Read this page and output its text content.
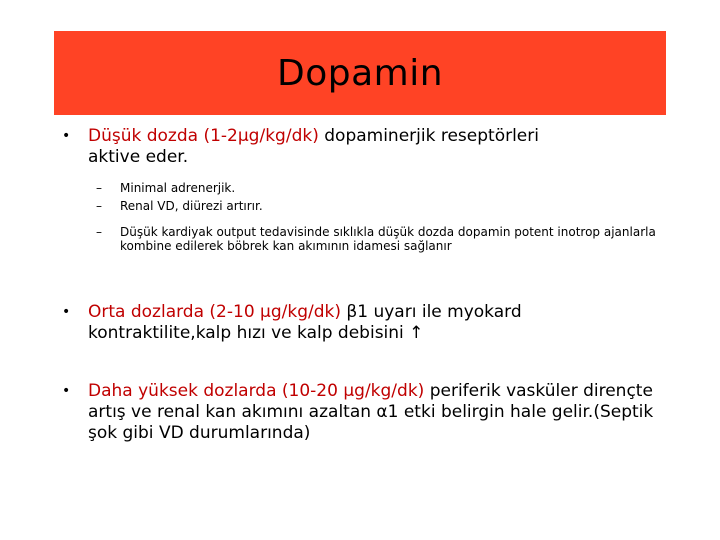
Dopamin
•	Düşük dozda (1-2µg/kg/dk) dopaminerjik reseptörleri aktive eder.
–	Minimal adrenerjik.
–	Renal VD, diürezi artırır.
–	Düşük kardiyak output tedavisinde sıklıkla düşük dozda dopamin potent inotrop ajanlarla kombine edilerek böbrek kan akımının idamesi sağlanır
•	Orta dozlarda (2-10 µg/kg/dk) β1 uyarı ile myokard kontraktilite,kalp hızı ve kalp debisini ↑
•	Daha yüksek dozlarda (10-20 µg/kg/dk) periferik vasküler dirençte artış ve renal kan akımını azaltan α1 etki belirgin hale gelir.(Septik şok gibi VD durumlarında)
